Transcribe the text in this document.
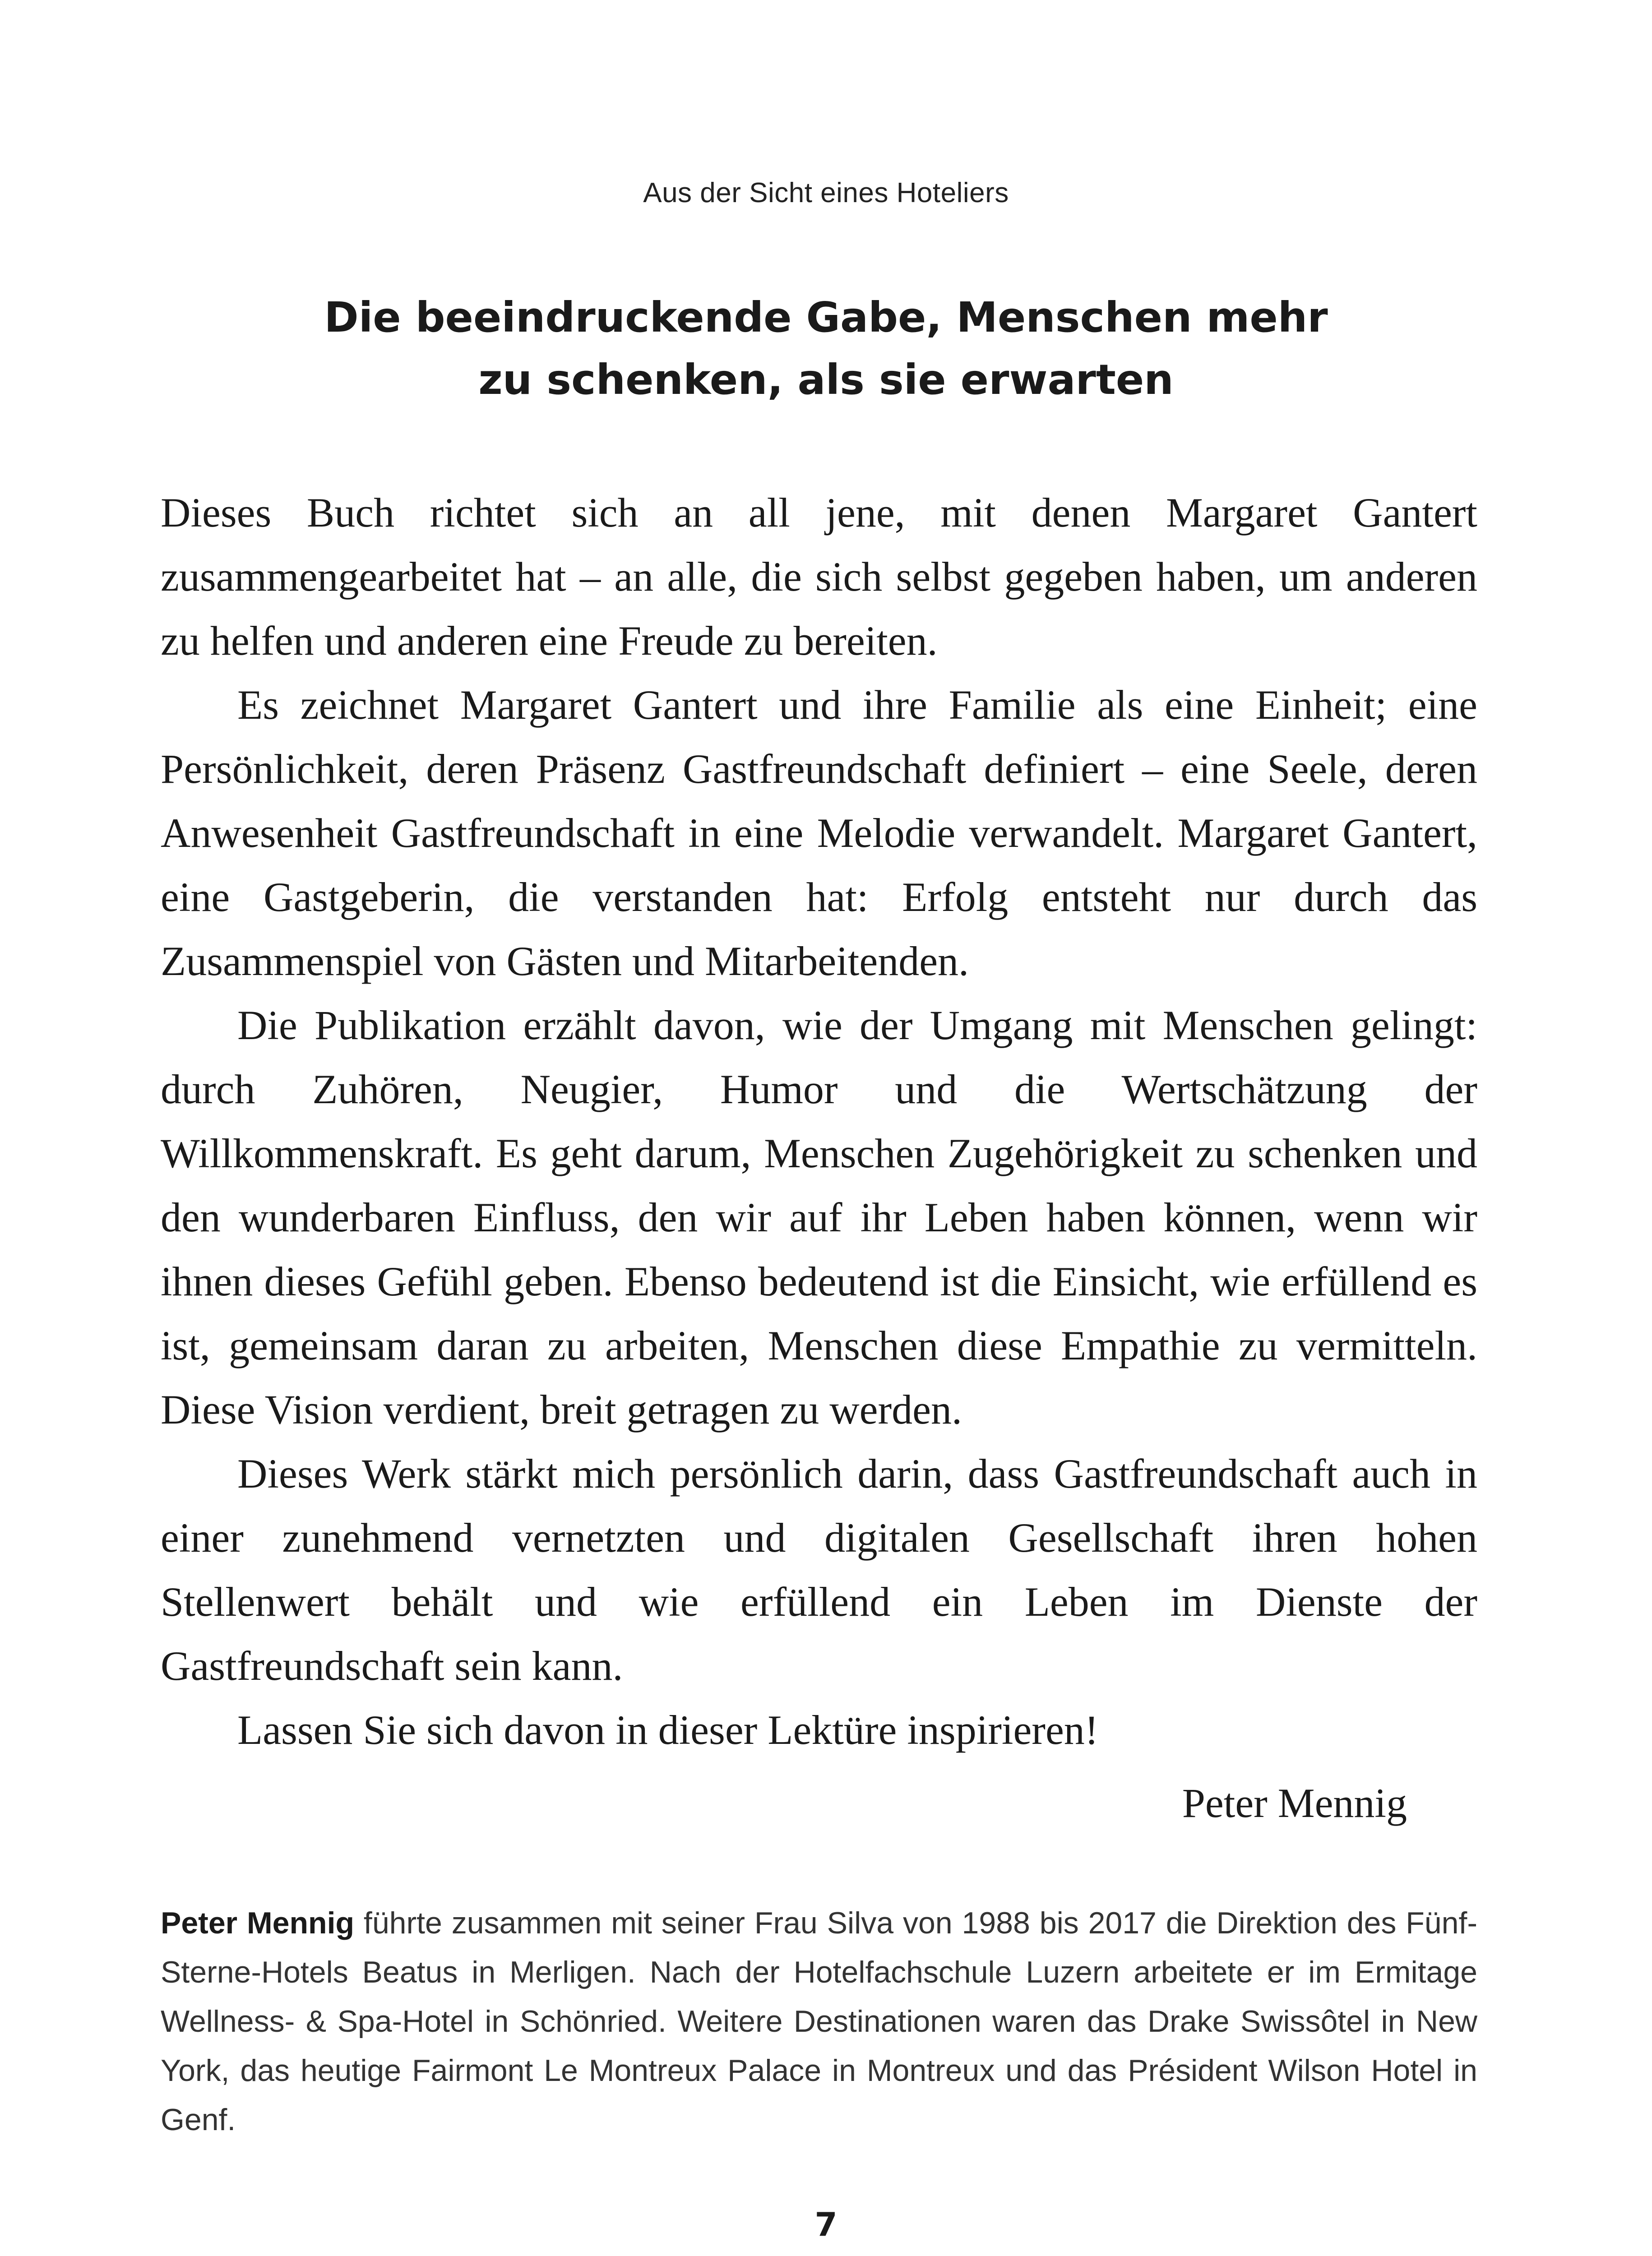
Aus der Sicht eines Hoteliers
Die beeindruckende Gabe, Menschen mehr
zu schenken, als sie erwarten

Dieses Buch richtet sich an all jene, mit denen Margaret Gantert zusammengearbeitet hat – an alle, die sich selbst gegeben haben, um anderen zu helfen und anderen eine Freude zu bereiten.

Es zeichnet Margaret Gantert und ihre Familie als eine Einheit; eine Persönlichkeit, deren Präsenz Gastfreundschaft definiert – eine Seele, deren Anwesenheit Gastfreundschaft in eine Melodie verwandelt. Margaret Gantert, eine Gastgeberin, die verstanden hat: Erfolg entsteht nur durch das Zusammenspiel von Gästen und Mitarbeitenden.

Die Publikation erzählt davon, wie der Umgang mit Menschen gelingt: durch Zuhören, Neugier, Humor und die Wertschätzung der Willkommenskraft. Es geht darum, Menschen Zugehörigkeit zu schenken und den wunderbaren Einfluss, den wir auf ihr Leben haben können, wenn wir ihnen dieses Gefühl geben. Ebenso bedeutend ist die Einsicht, wie erfüllend es ist, gemeinsam daran zu arbeiten, Menschen diese Empathie zu vermitteln. Diese Vision verdient, breit getragen zu werden.

Dieses Werk stärkt mich persönlich darin, dass Gastfreundschaft auch in einer zunehmend vernetzten und digitalen Gesellschaft ihren hohen Stellenwert behält und wie erfüllend ein Leben im Dienste der Gastfreundschaft sein kann.

Lassen Sie sich davon in dieser Lektüre inspirieren!

Peter Mennig

Peter Mennig führte zusammen mit seiner Frau Silva von 1988 bis 2017 die Direktion des Fünf-Sterne-Hotels Beatus in Merligen. Nach der Hotelfachschule Luzern arbeitete er im Ermitage Wellness- & Spa-Hotel in Schönried. Weitere Destinationen waren das Drake Swissôtel in New York, das heutige Fairmont Le Montreux Palace in Montreux und das Président Wilson Hotel in Genf.

7
